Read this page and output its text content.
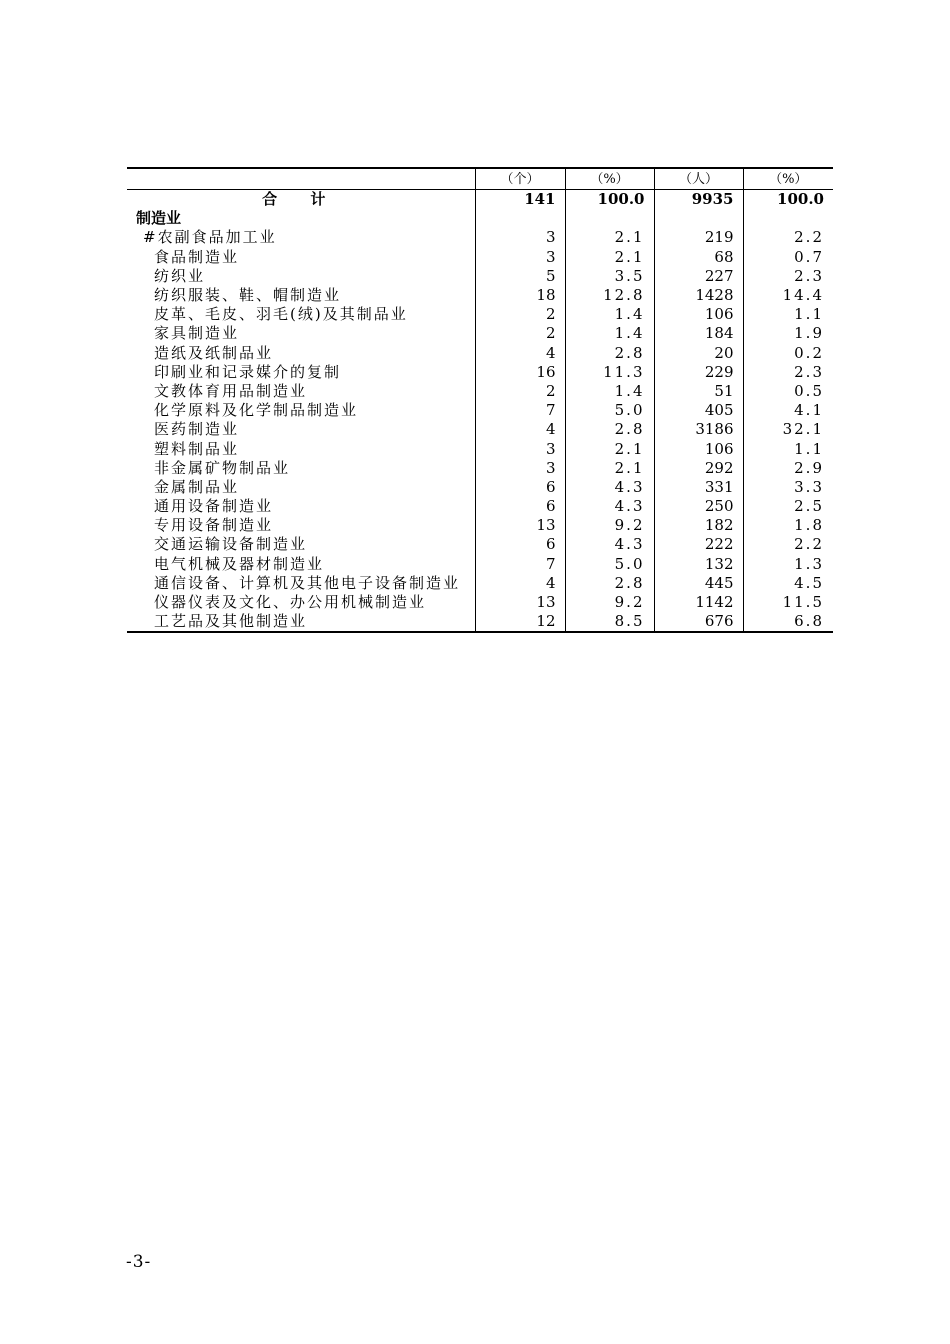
	（个）	（%）	（人）	（%）
合 计	141	100.0	9935	100.0
制造业				
#农副食品加工业	3	2.1	219	2.2
食品制造业	3	2.1	68	0.7
纺织业	5	3.5	227	2.3
纺织服装、鞋、帽制造业	18	12.8	1428	14.4
皮革、毛皮、羽毛(绒)及其制品业	2	1.4	106	1.1
家具制造业	2	1.4	184	1.9
造纸及纸制品业	4	2.8	20	0.2
印刷业和记录媒介的复制	16	11.3	229	2.3
文教体育用品制造业	2	1.4	51	0.5
化学原料及化学制品制造业	7	5.0	405	4.1
医药制造业	4	2.8	3186	32.1
塑料制品业	3	2.1	106	1.1
非金属矿物制品业	3	2.1	292	2.9
金属制品业	6	4.3	331	3.3
通用设备制造业	6	4.3	250	2.5
专用设备制造业	13	9.2	182	1.8
交通运输设备制造业	6	4.3	222	2.2
电气机械及器材制造业	7	5.0	132	1.3
通信设备、计算机及其他电子设备制造业	4	2.8	445	4.5
仪器仪表及文化、办公用机械制造业	13	9.2	1142	11.5
工艺品及其他制造业	12	8.5	676	6.8
-3-
